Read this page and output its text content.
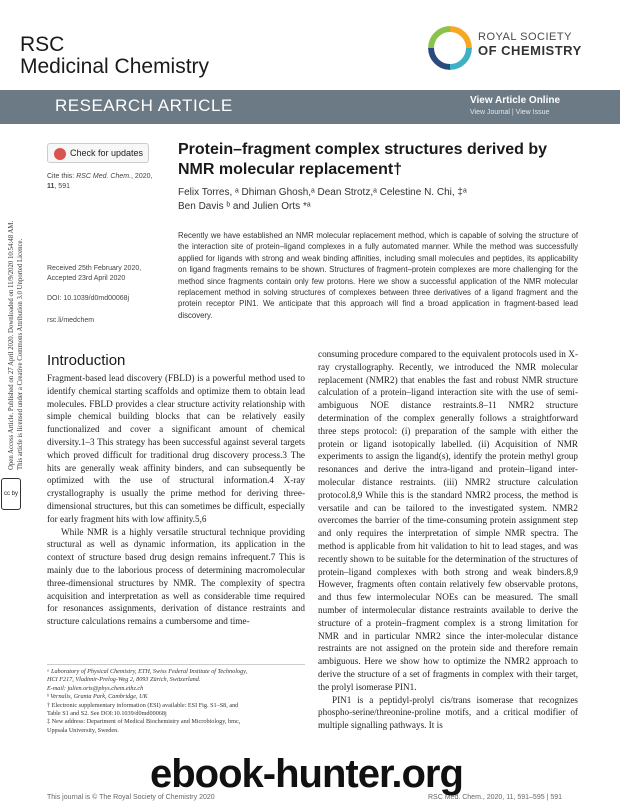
RSC
Medicinal Chemistry
ROYAL SOCIETY
OF CHEMISTRY
RESEARCH ARTICLE	View Article Online
View Journal | View Issue
Open Access Article. Published on 27 April 2020. Downloaded on 11/9/2020 10:54:48 AM. This article is licensed under a Creative Commons Attribution 3.0 Unported Licence.
cc by
Check for updates
Cite this: RSC Med. Chem., 2020, 11, 591
Received 25th February 2020,
Accepted 23rd April 2020
DOI: 10.1039/d0md00068j
rsc.li/medchem
Protein–fragment complex structures derived by NMR molecular replacement†
Felix Torres, ᵃ Dhiman Ghosh,ᵃ Dean Strotz,ᵃ Celestine N. Chi, ‡ᵃ
Ben Davis ᵇ and Julien Orts *ᵃ
Recently we have established an NMR molecular replacement method, which is capable of solving the structure of the interaction site of protein–ligand complexes in a fully automated manner. While the method was successfully applied for ligands with strong and weak binding affinities, including small molecules and peptides, its applicability on ligand fragments remains to be shown. Structures of fragment–protein complexes are more challenging for the method since fragments contain only few protons. Here we show a successful application of the NMR molecular replacement method in solving structures of complexes between three derivatives of a ligand fragment and the protein receptor PIN1. We anticipate that this approach will find a broad application in fragment-based lead discovery.
Introduction

Fragment-based lead discovery (FBLD) is a powerful method used to identify chemical starting scaffolds and optimize them to obtain lead molecules. FBLD provides a clear structure activity relationship with simple chemical building blocks that can be relatively easily functionalized and cover a significant amount of chemical diversity.1–3 This strategy has been successful against several targets which proved difficult for traditional drug discovery process.3 The hits are generally weak affinity binders, and can subsequently be optimized with the use of structural information.4 X-ray crystallography is usually the prime method for deriving three-dimensional structures, but this can sometimes be difficult, especially for early fragment hits with low affinity.5,6

While NMR is a highly versatile structural technique providing structural as well as dynamic information, its application in the context of structure based drug design remains infrequent.7 This is mainly due to the laborious process of determining macromolecular three-dimensional structures by NMR. The complexity of spectra acquisition and interpretation as well as considerable time required for resonances assignments, derivation of distance restraints and structure calculations remains a cumbersome and time-

consuming procedure compared to the equivalent protocols used in X-ray crystallography. Recently, we introduced the NMR molecular replacement (NMR2) that enables the fast and robust NMR structure calculation of a protein–ligand interaction site with the use of semi-ambiguous NOE distance restraints.8–11 NMR2 structure determination of the complex generally follows a straightforward three steps protocol: (i) preparation of the sample with either the protein or ligand isotopically labelled. (ii) Acquisition of NMR experiments to assign the ligand(s), identify the protein methyl group resonances and derive the intra-ligand and protein–ligand inter-molecular distance restraints. (iii) NMR2 structure calculation protocol.8,9 While this is the standard NMR2 process, the method is versatile and can be tailored to the investigated system. NMR2 overcomes the barrier of the time-consuming protein assignment step and only requires the interpretation of simple NMR spectra. The method is applicable from hit validation to hit to lead stages, and was recently shown to be suitable for the determination of the structures of protein–ligand complexes with both strong and weak binders.8,9 However, fragments often contain relatively few observable protons, and thus few intermolecular NOEs can be measured. The small number of intermolecular distance restraints available to derive the structure of a protein–fragment complex is a strong limitation for NMR and in particular NMR2 since the inter-molecular distance restraints are not assigned on the protein side and therefore remain ambiguous. Here we show how to optimize the NMR2 approach to derive the structure of a set of fragments in complex with their target, the prolyl isomerase PIN1.

PIN1 is a peptidyl-prolyl cis/trans isomerase that recognizes phospho-serine/threonine-proline motifs, and a critical modifier of multiple signalling pathways. It is

ᵃ Laboratory of Physical Chemistry, ETH, Swiss Federal Institute of Technology,
HCI F217, Vladimir-Prelog-Weg 2, 8093 Zürich, Switzerland.
E-mail: julien.orts@phys.chem.ethz.ch
ᵇ Vernalis, Granta Park, Cambridge, UK
† Electronic supplementary information (ESI) available: ESI Fig. S1–S8, and
Table S1 and S2. See DOI:10.1039/d0md00068j
‡ New address: Department of Medical Biochemistry and Microbiology, bmc,
Uppsala University, Sweden.
This journal is © The Royal Society of Chemistry 2020	RSC Med. Chem., 2020, 11, 591–595 | 591
ebook-hunter.org
